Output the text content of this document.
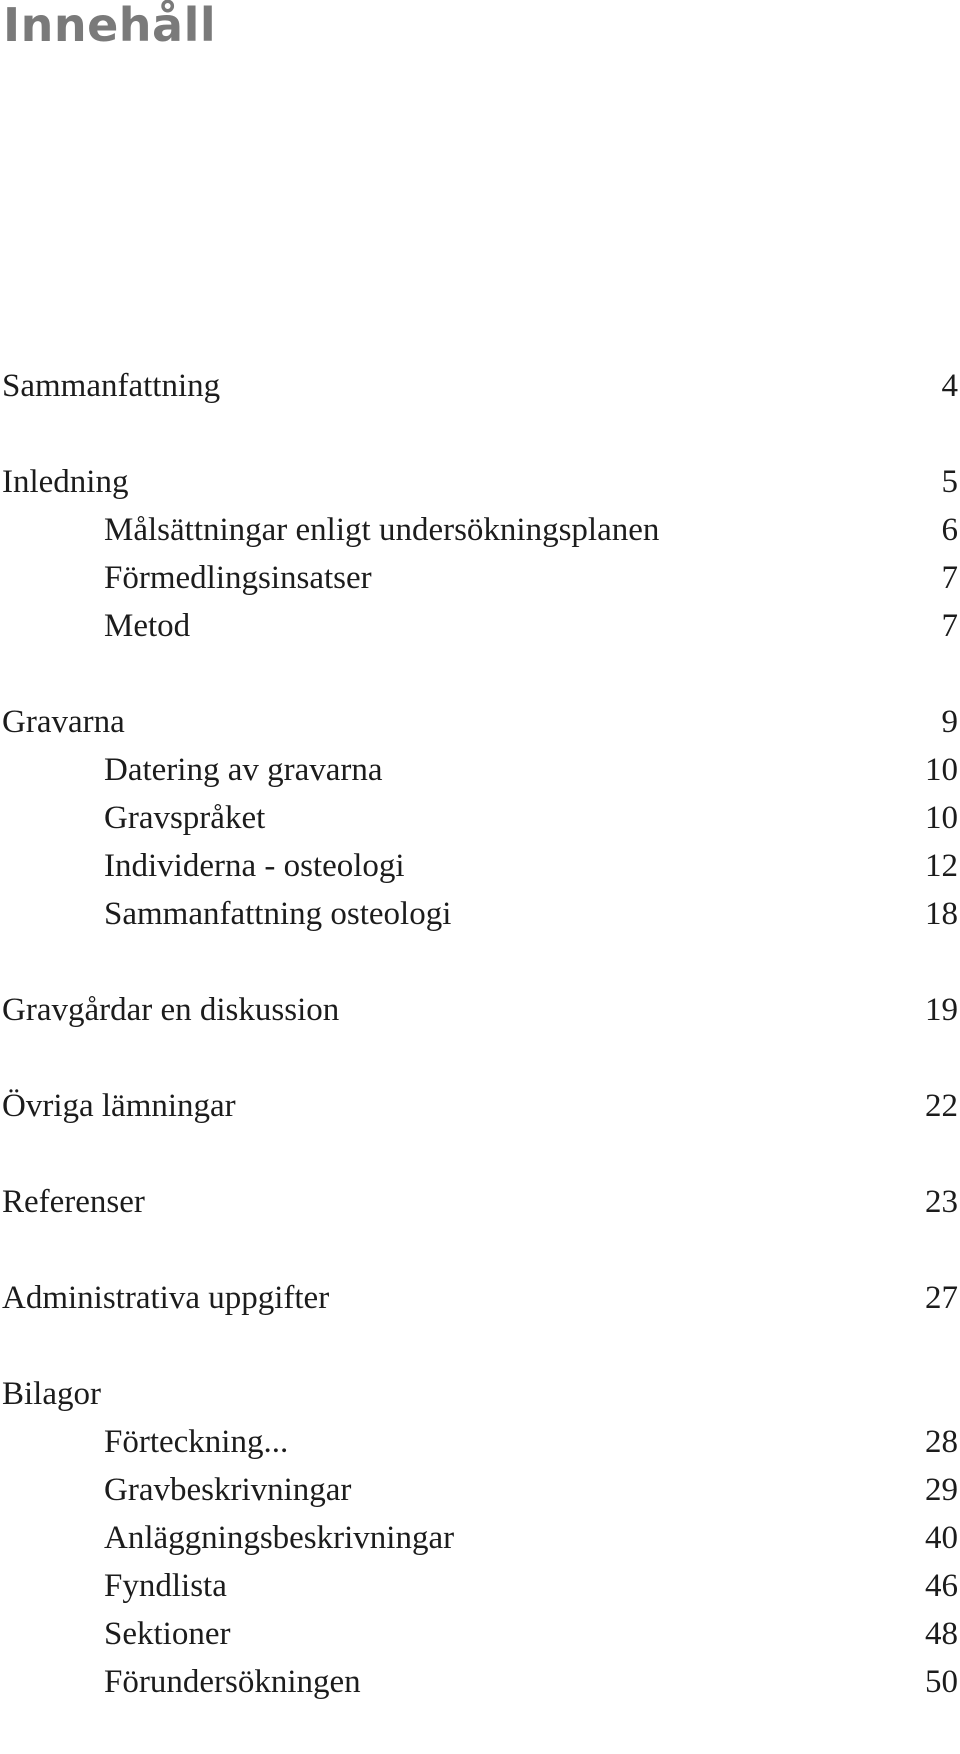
Innehåll
Sammanfattning	4
Inledning	5
Målsättningar enligt undersökningsplanen	6
Förmedlingsinsatser	7
Metod	7
Gravarna	9
Datering av gravarna	10
Gravspråket	10
Individerna - osteologi	12
Sammanfattning osteologi	18
Gravgårdar en diskussion	19
Övriga lämningar	22
Referenser	23
Administrativa uppgifter	27
Bilagor
Förteckning...	28
Gravbeskrivningar	29
Anläggningsbeskrivningar	40
Fyndlista	46
Sektioner	48
Förundersökningen	50
